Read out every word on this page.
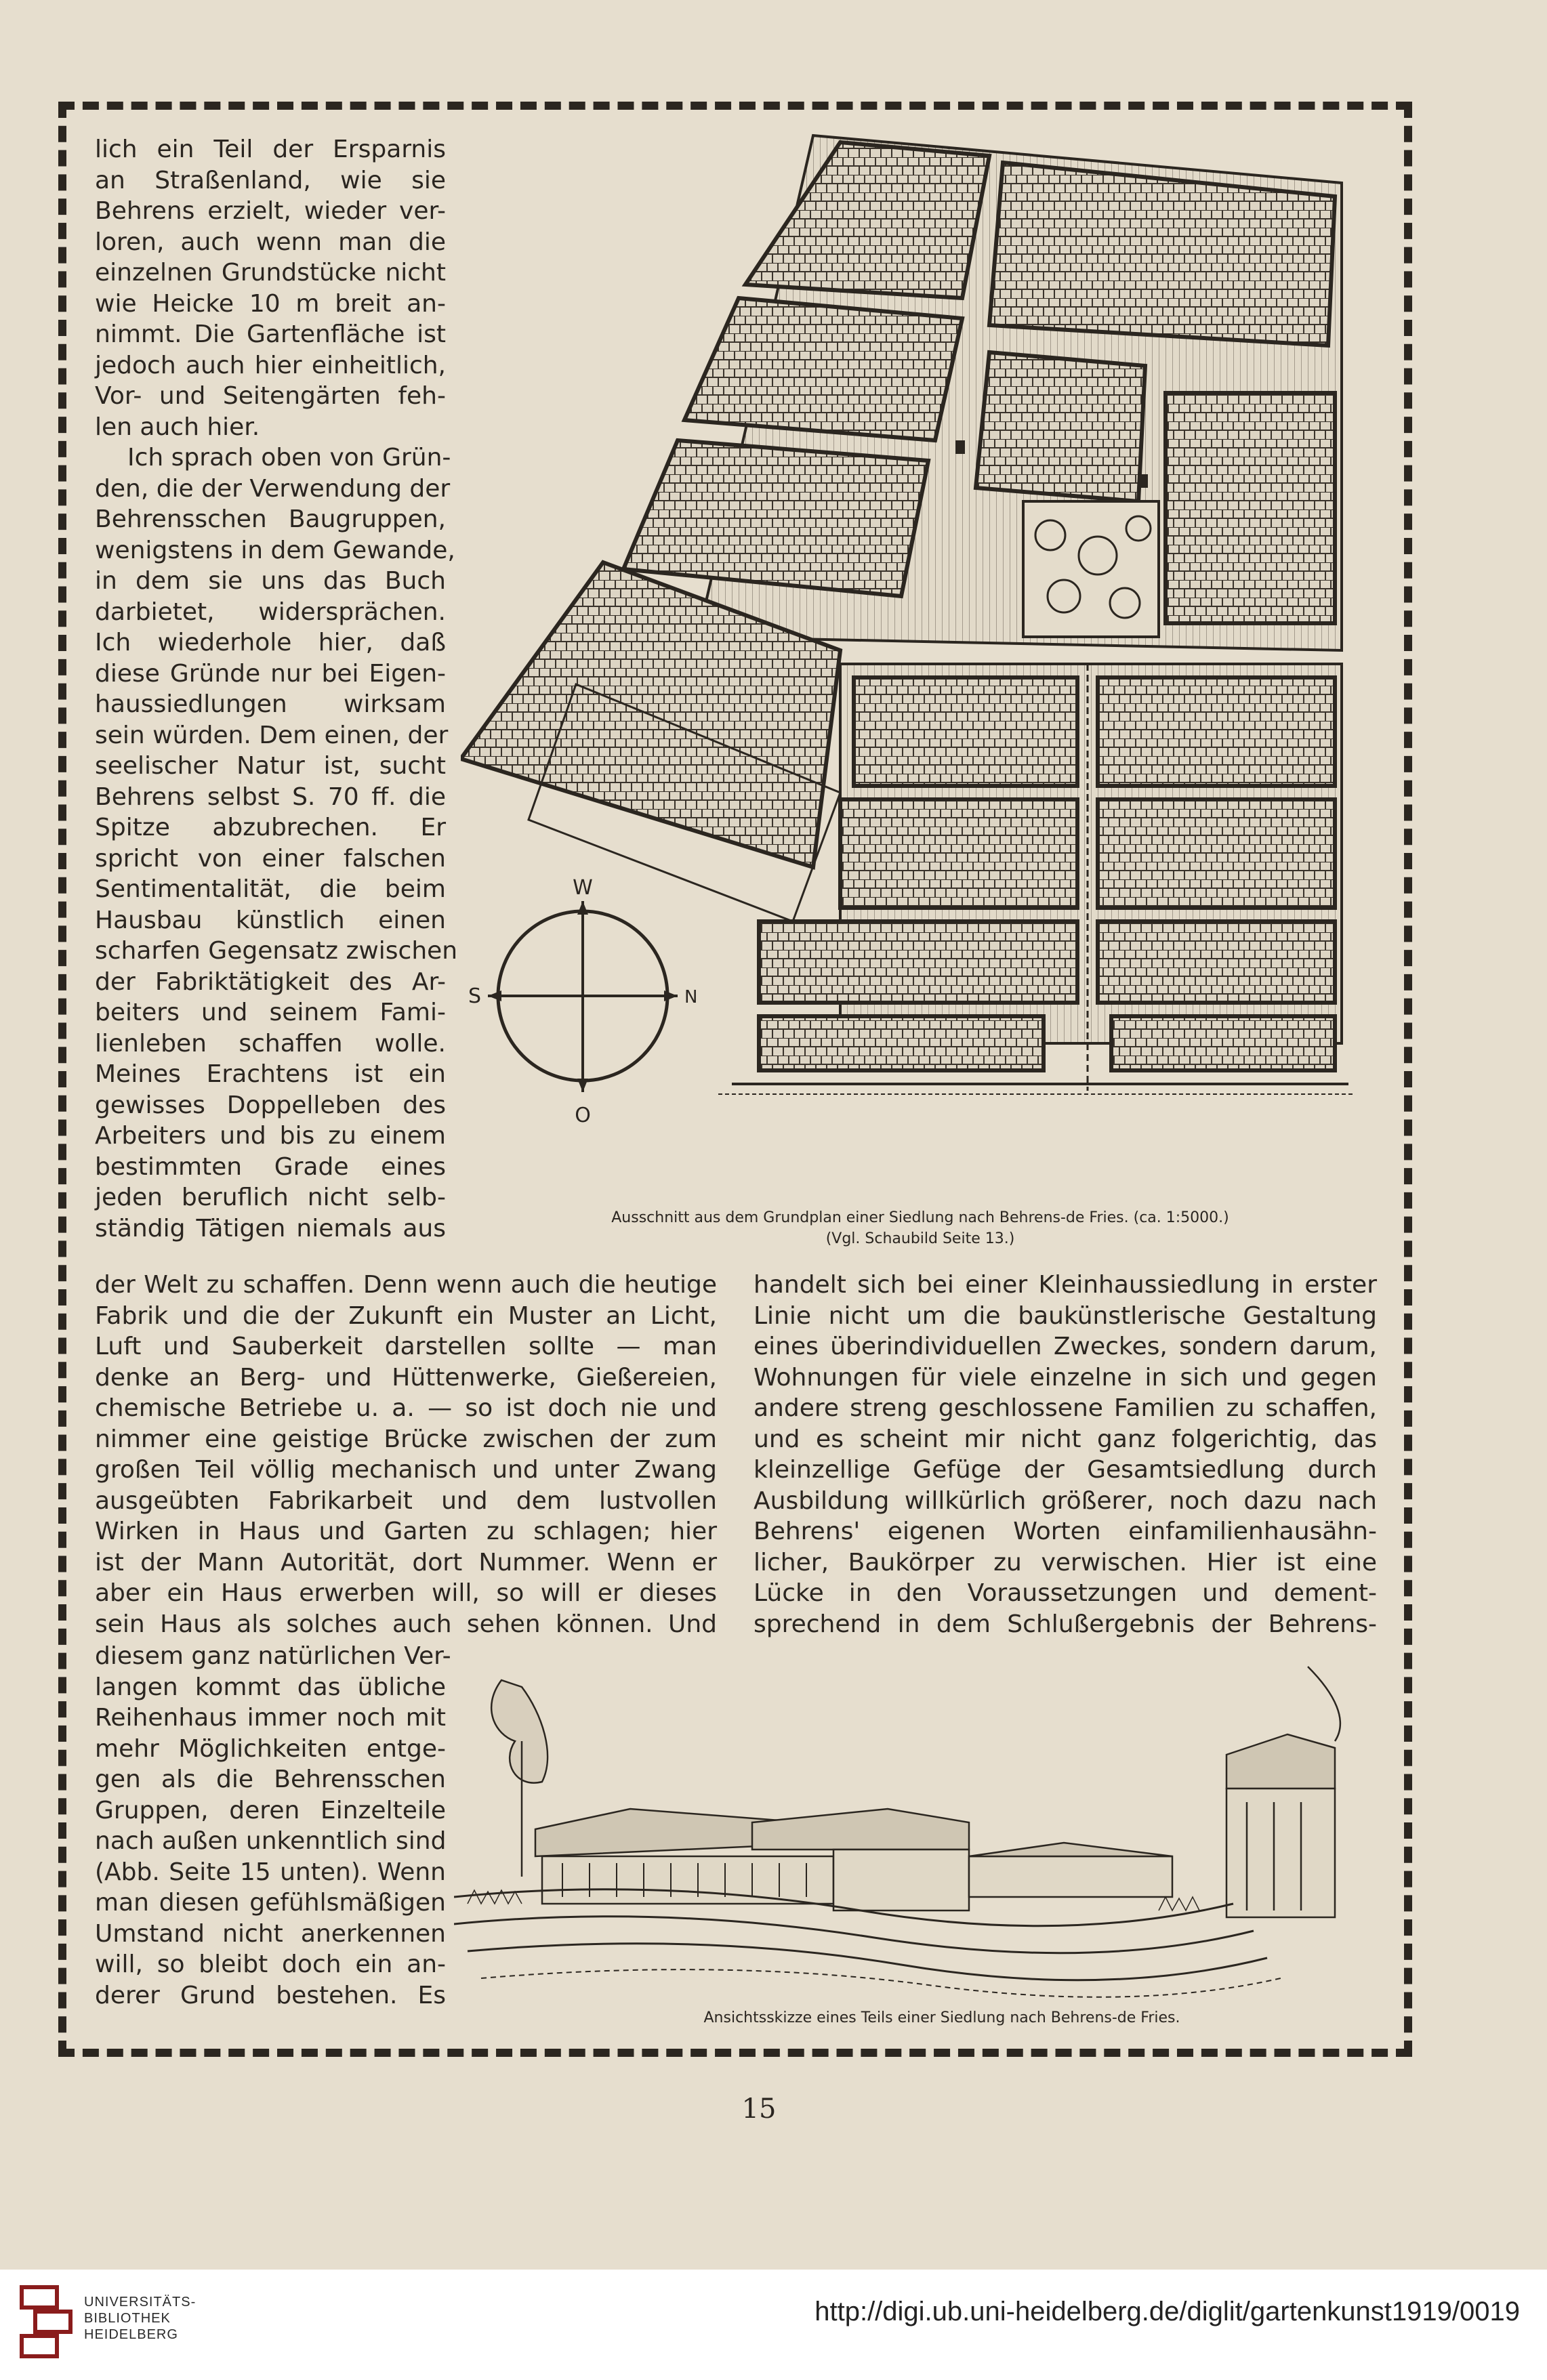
lich ein Teil der Ersparnis
an Straßenland, wie sie
Behrens erzielt, wieder ver-
loren, auch wenn man die
einzelnen Grundstücke nicht
wie Heicke 10 m breit an-
nimmt. Die Gartenfläche ist
jedoch auch hier einheitlich,
Vor- und Seitengärten feh-
len auch hier.
Ich sprach oben von Grün-
den, die der Verwendung der
Behrensschen Baugruppen,
wenigstens in dem Gewande,
in dem sie uns das Buch
darbietet, widersprächen.
Ich wiederhole hier, daß
diese Gründe nur bei Eigen-
haussiedlungen wirksam
sein würden. Dem einen, der
seelischer Natur ist, sucht
Behrens selbst S. 70 ff. die
Spitze abzubrechen. Er
spricht von einer falschen
Sentimentalität, die beim
Hausbau künstlich einen
scharfen Gegensatz zwischen
der Fabriktätigkeit des Ar-
beiters und seinem Fami-
lienleben schaffen wolle.
Meines Erachtens ist ein
gewisses Doppelleben des
Arbeiters und bis zu einem
bestimmten Grade eines
jeden beruflich nicht selb-
ständig Tätigen niemals aus
W
O
S	N
Ausschnitt aus dem Grundplan einer Siedlung nach Behrens-de Fries. (ca. 1:5000.)
(Vgl. Schaubild Seite 13.)
der Welt zu schaffen. Denn wenn auch die heutige
Fabrik und die der Zukunft ein Muster an Licht,
Luft und Sauberkeit darstellen sollte — man
denke an Berg- und Hüttenwerke, Gießereien,
chemische Betriebe u. a. — so ist doch nie und
nimmer eine geistige Brücke zwischen der zum
großen Teil völlig mechanisch und unter Zwang
ausgeübten Fabrikarbeit und dem lustvollen
Wirken in Haus und Garten zu schlagen; hier
ist der Mann Autorität, dort Nummer. Wenn er
aber ein Haus erwerben will, so will er dieses
sein Haus als solches auch sehen können. Und
handelt sich bei einer Kleinhaussiedlung in erster
Linie nicht um die baukünstlerische Gestaltung
eines überindividuellen Zweckes, sondern darum,
Wohnungen für viele einzelne in sich und gegen
andere streng geschlossene Familien zu schaffen,
und es scheint mir nicht ganz folgerichtig, das
kleinzellige Gefüge der Gesamtsiedlung durch
Ausbildung willkürlich größerer, noch dazu nach
Behrens' eigenen Worten einfamilienhausähn-
licher, Baukörper zu verwischen. Hier ist eine
Lücke in den Voraussetzungen und dement-
sprechend in dem Schlußergebnis der Behrens-
diesem ganz natürlichen Ver-
langen kommt das übliche
Reihenhaus immer noch mit
mehr Möglichkeiten entge-
gen als die Behrensschen
Gruppen, deren Einzelteile
nach außen unkenntlich sind
(Abb. Seite 15 unten). Wenn
man diesen gefühlsmäßigen
Umstand nicht anerkennen
will, so bleibt doch ein an-
derer Grund bestehen. Es
Ansichtsskizze eines Teils einer Siedlung nach Behrens-de Fries.
15
UNIVERSITÄTS-
BIBLIOTHEK
HEIDELBERG
http://digi.ub.uni-heidelberg.de/diglit/gartenkunst1919/0019
